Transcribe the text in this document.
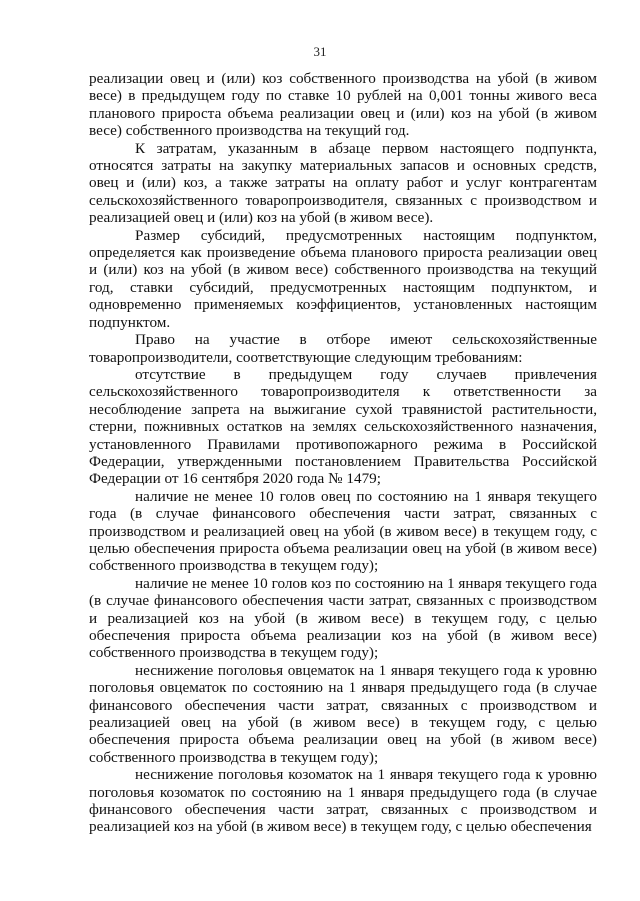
31

реализации овец и (или) коз собственного производства на убой (в живом весе) в предыдущем году по ставке 10 рублей на 0,001 тонны живого веса планового прироста объема реализации овец и (или) коз на убой (в живом весе) собственного производства на текущий год.

К затратам, указанным в абзаце первом настоящего подпункта, относятся затраты на закупку материальных запасов и основных средств, овец и (или) коз, а также затраты на оплату работ и услуг контрагентам сельскохозяйственного товаропроизводителя, связанных с производством и реализацией овец и (или) коз на убой (в живом весе).

Размер субсидий, предусмотренных настоящим подпунктом, определяется как произведение объема планового прироста реализации овец и (или) коз на убой (в живом весе) собственного производства на текущий год, ставки субсидий, предусмотренных настоящим подпунктом, и одновременно применяемых коэффициентов, установленных настоящим подпунктом.

Право на участие в отборе имеют сельскохозяйственные товаропроизводители, соответствующие следующим требованиям:

отсутствие в предыдущем году случаев привлечения сельскохозяйственного товаропроизводителя к ответственности за несоблюдение запрета на выжигание сухой травянистой растительности, стерни, пожнивных остатков на землях сельскохозяйственного назначения, установленного Правилами противопожарного режима в Российской Федерации, утвержденными постановлением Правительства Российской Федерации от 16 сентября 2020 года № 1479;

наличие не менее 10 голов овец по состоянию на 1 января текущего года (в случае финансового обеспечения части затрат, связанных с производством и реализацией овец на убой (в живом весе) в текущем году, с целью обеспечения прироста объема реализации овец на убой (в живом весе) собственного производства в текущем году);

наличие не менее 10 голов коз по состоянию на 1 января текущего года (в случае финансового обеспечения части затрат, связанных с производством и реализацией коз на убой (в живом весе) в текущем году, с целью обеспечения прироста объема реализации коз на убой (в живом весе) собственного производства в текущем году);

неснижение поголовья овцематок на 1 января текущего года к уровню поголовья овцематок по состоянию на 1 января предыдущего года (в случае финансового обеспечения части затрат, связанных с производством и реализацией овец на убой (в живом весе) в текущем году, с целью обеспечения прироста объема реализации овец на убой (в живом весе) собственного производства в текущем году);

неснижение поголовья козоматок на 1 января текущего года к уровню поголовья козоматок по состоянию на 1 января предыдущего года (в случае финансового обеспечения части затрат, связанных с производством и реализацией коз на убой (в живом весе) в текущем году, с целью обеспечения
